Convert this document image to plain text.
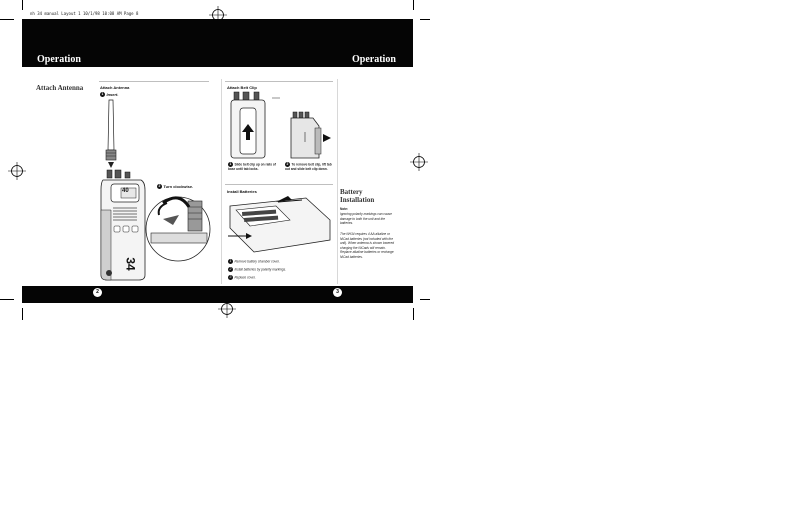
nh 34 manual Layout 1 10/1/98 10:08 AM Page 8
Operation	Operation
2	3
Attach Antenna	Attach Antenna
1 Insert.
2 Turn clockwise.
40
34
Attach Belt Clip
1 Slide belt clip up on rails of base until tab locks.
2 To remove belt clip, lift tab out and slide belt clip down.
Install Batteries
1 Remove battery chamber cover.
2 Install batteries by polarity markings.
3 Replace cover.
Battery Installation
Note:
Ignoring polarity markings can cause damage to both the unit and the batteries.
The NH34 requires 4 AA alkaline or NiCad batteries (not included with the unit). When antenna is shown lowered charging the NiCads will remain. Replace alkaline batteries or recharge NiCad batteries.
